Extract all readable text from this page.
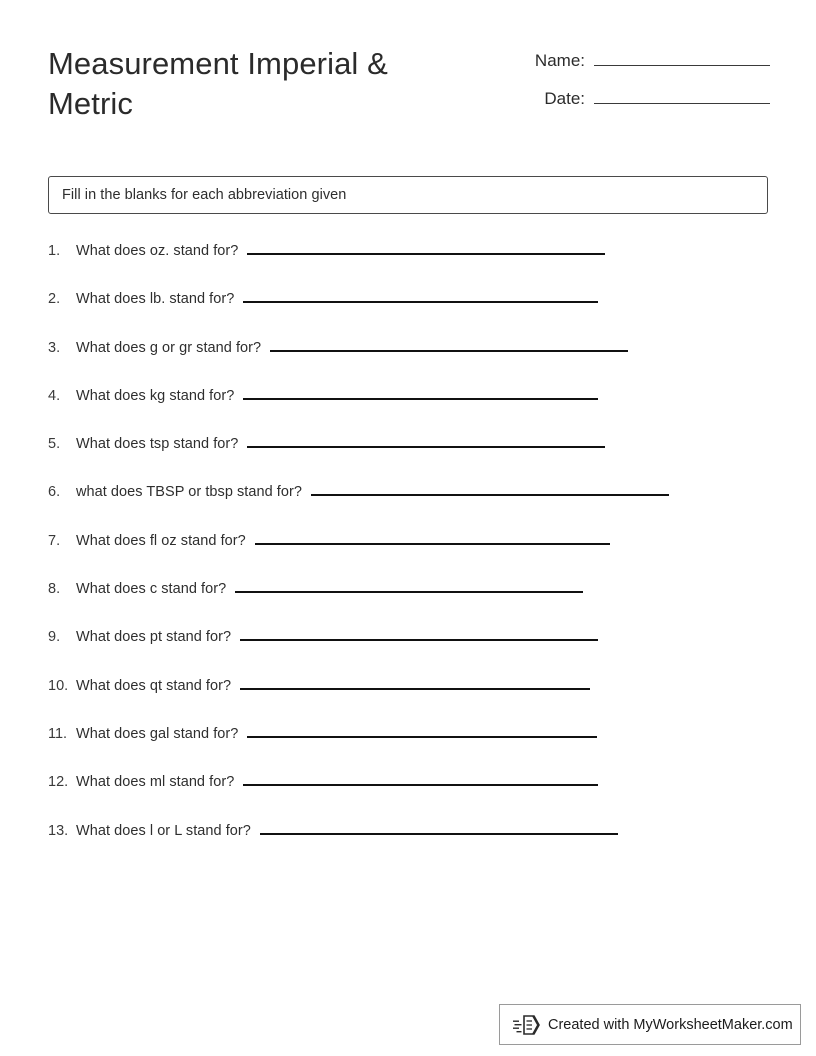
Measurement Imperial & Metric
Name:
Date:
Fill in the blanks for each abbreviation given
1.	What does oz. stand for?
2.	What does lb. stand for?
3.	What does g or gr stand for?
4.	What does kg stand for?
5.	What does tsp stand for?
6.	what does TBSP or tbsp stand for?
7.	What does fl oz stand for?
8.	What does c stand for?
9.	What does pt stand for?
10. What does qt stand for?
11. What does gal stand for?
12. What does ml stand for?
13. What does l or L stand for?
Created with MyWorksheetMaker.com
